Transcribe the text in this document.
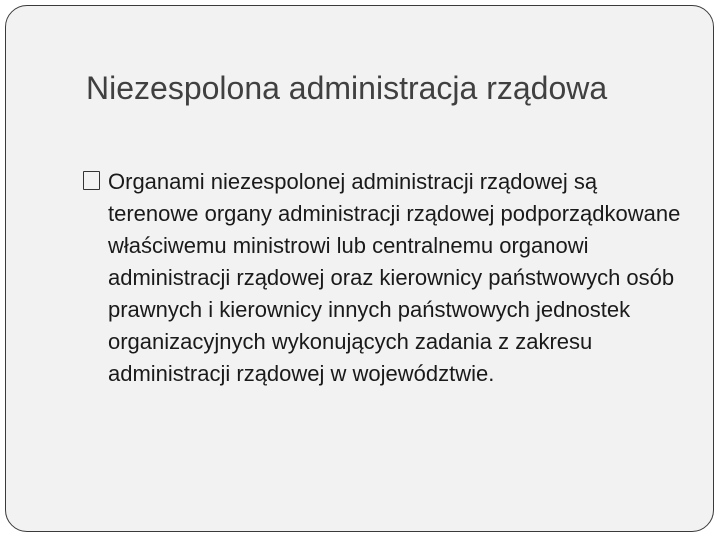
Niezespolona administracja rządowa
Organami niezespolonej administracji rządowej są terenowe organy administracji rządowej podporządkowane właściwemu ministrowi lub centralnemu organowi administracji rządowej oraz kierownicy państwowych osób prawnych i kierownicy innych państwowych jednostek organizacyjnych wykonujących zadania z zakresu administracji rządowej w województwie.
